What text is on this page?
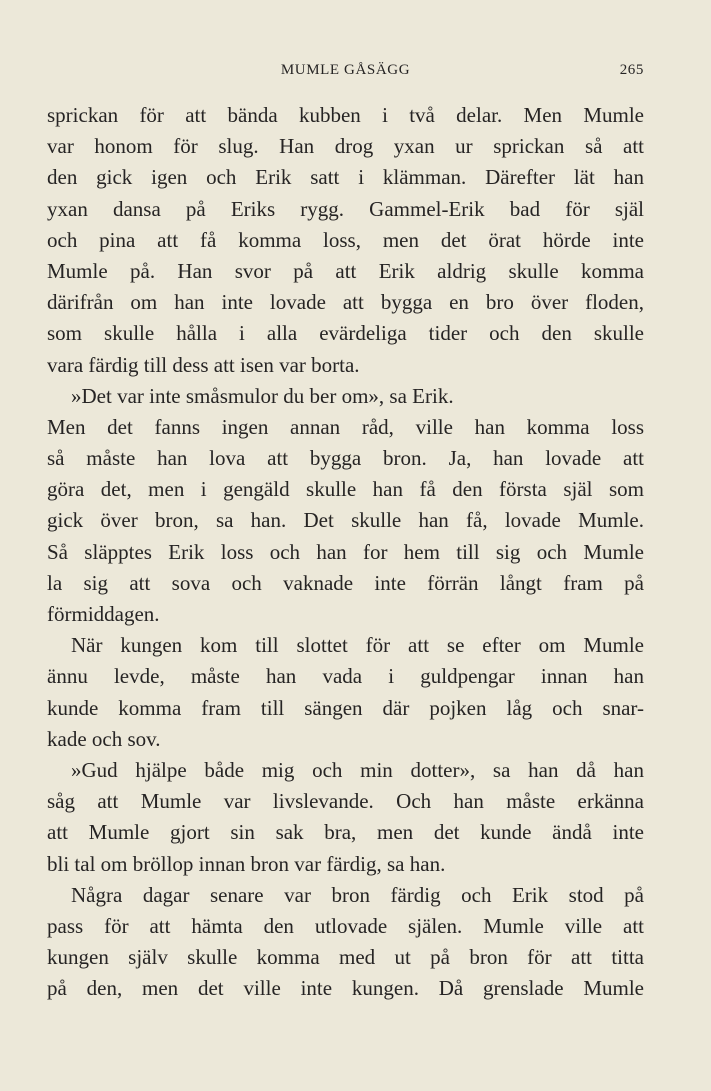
MUMLE GÅSÄGG	265
sprickan för att bända kubben i två delar. Men Mumle
var honom för slug. Han drog yxan ur sprickan så att
den gick igen och Erik satt i klämman. Därefter lät han
yxan dansa på Eriks rygg. Gammel-Erik bad för själ
och pina att få komma loss, men det örat hörde inte
Mumle på. Han svor på att Erik aldrig skulle komma
därifrån om han inte lovade att bygga en bro över floden,
som skulle hålla i alla evärdeliga tider och den skulle
vara färdig till dess att isen var borta.
»Det var inte småsmulor du ber om», sa Erik.
Men det fanns ingen annan råd, ville han komma loss
så måste han lova att bygga bron. Ja, han lovade att
göra det, men i gengäld skulle han få den första själ som
gick över bron, sa han. Det skulle han få, lovade Mumle.
Så släpptes Erik loss och han for hem till sig och Mumle
la sig att sova och vaknade inte förrän långt fram på
förmiddagen.
När kungen kom till slottet för att se efter om Mumle
ännu levde, måste han vada i guldpengar innan han
kunde komma fram till sängen där pojken låg och snar-
kade och sov.
»Gud hjälpe både mig och min dotter», sa han då han
såg att Mumle var livslevande. Och han måste erkänna
att Mumle gjort sin sak bra, men det kunde ändå inte
bli tal om bröllop innan bron var färdig, sa han.
Några dagar senare var bron färdig och Erik stod på
pass för att hämta den utlovade själen. Mumle ville att
kungen själv skulle komma med ut på bron för att titta
på den, men det ville inte kungen. Då grenslade Mumle
